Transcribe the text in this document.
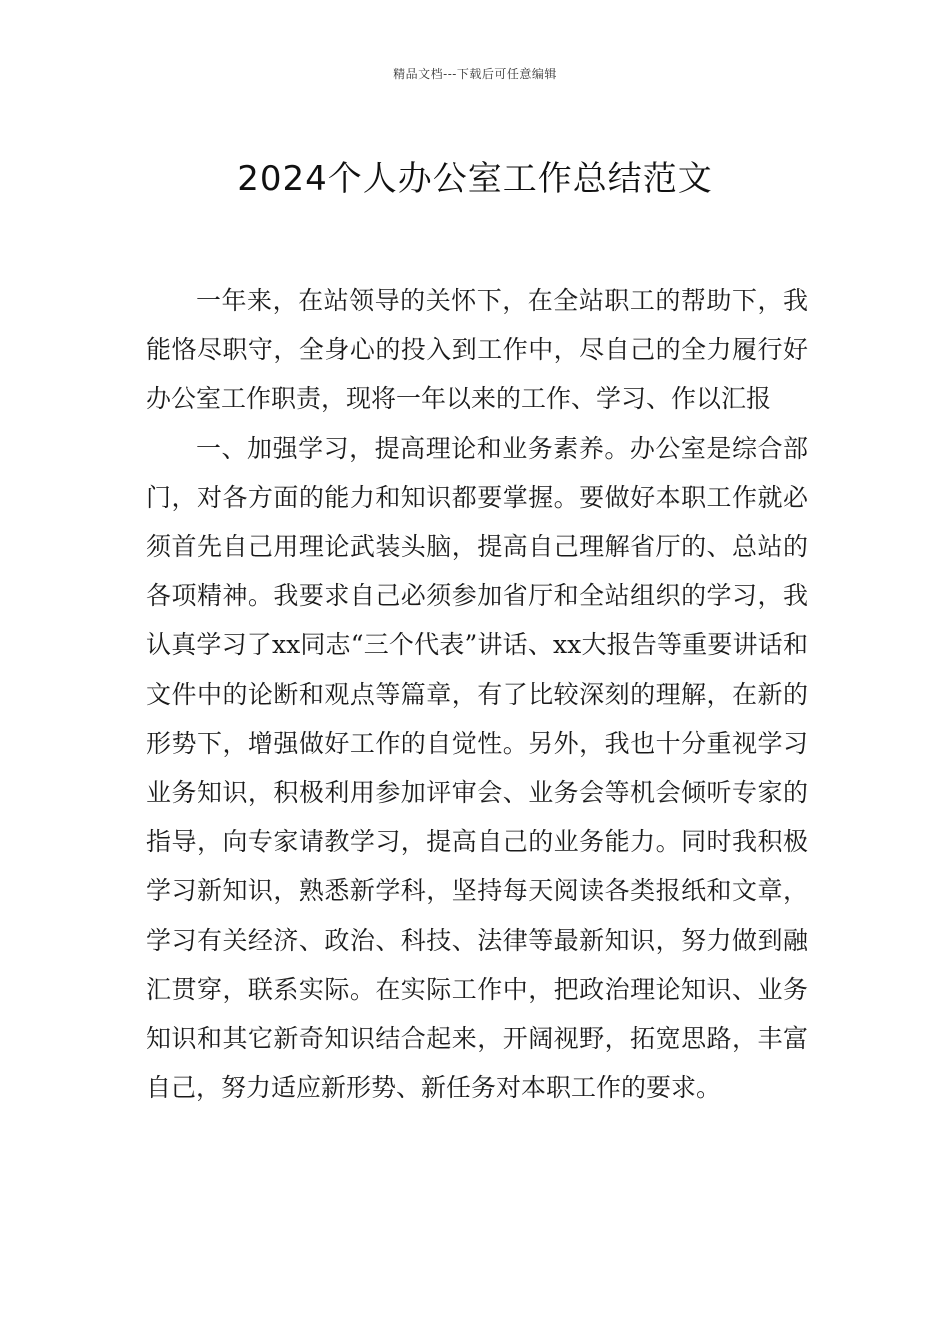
精品文档---下载后可任意编辑
2024个人办公室工作总结范文

一年来，在站领导的关怀下，在全站职工的帮助下，我能恪尽职守，全身心的投入到工作中，尽自己的全力履行好办公室工作职责，现将一年以来的工作、学习、作以汇报

一、加强学习，提高理论和业务素养。办公室是综合部门，对各方面的能力和知识都要掌握。要做好本职工作就必须首先自己用理论武装头脑，提高自己理解省厅的、总站的各项精神。我要求自己必须参加省厅和全站组织的学习，我认真学习了xx同志“三个代表”讲话、xx大报告等重要讲话和文件中的论断和观点等篇章，有了比较深刻的理解，在新的形势下，增强做好工作的自觉性。另外，我也十分重视学习业务知识，积极利用参加评审会、业务会等机会倾听专家的指导，向专家请教学习，提高自己的业务能力。同时我积极学习新知识，熟悉新学科，坚持每天阅读各类报纸和文章，学习有关经济、政治、科技、法律等最新知识，努力做到融汇贯穿，联系实际。在实际工作中，把政治理论知识、业务知识和其它新奇知识结合起来，开阔视野，拓宽思路，丰富自己，努力适应新形势、新任务对本职工作的要求。
